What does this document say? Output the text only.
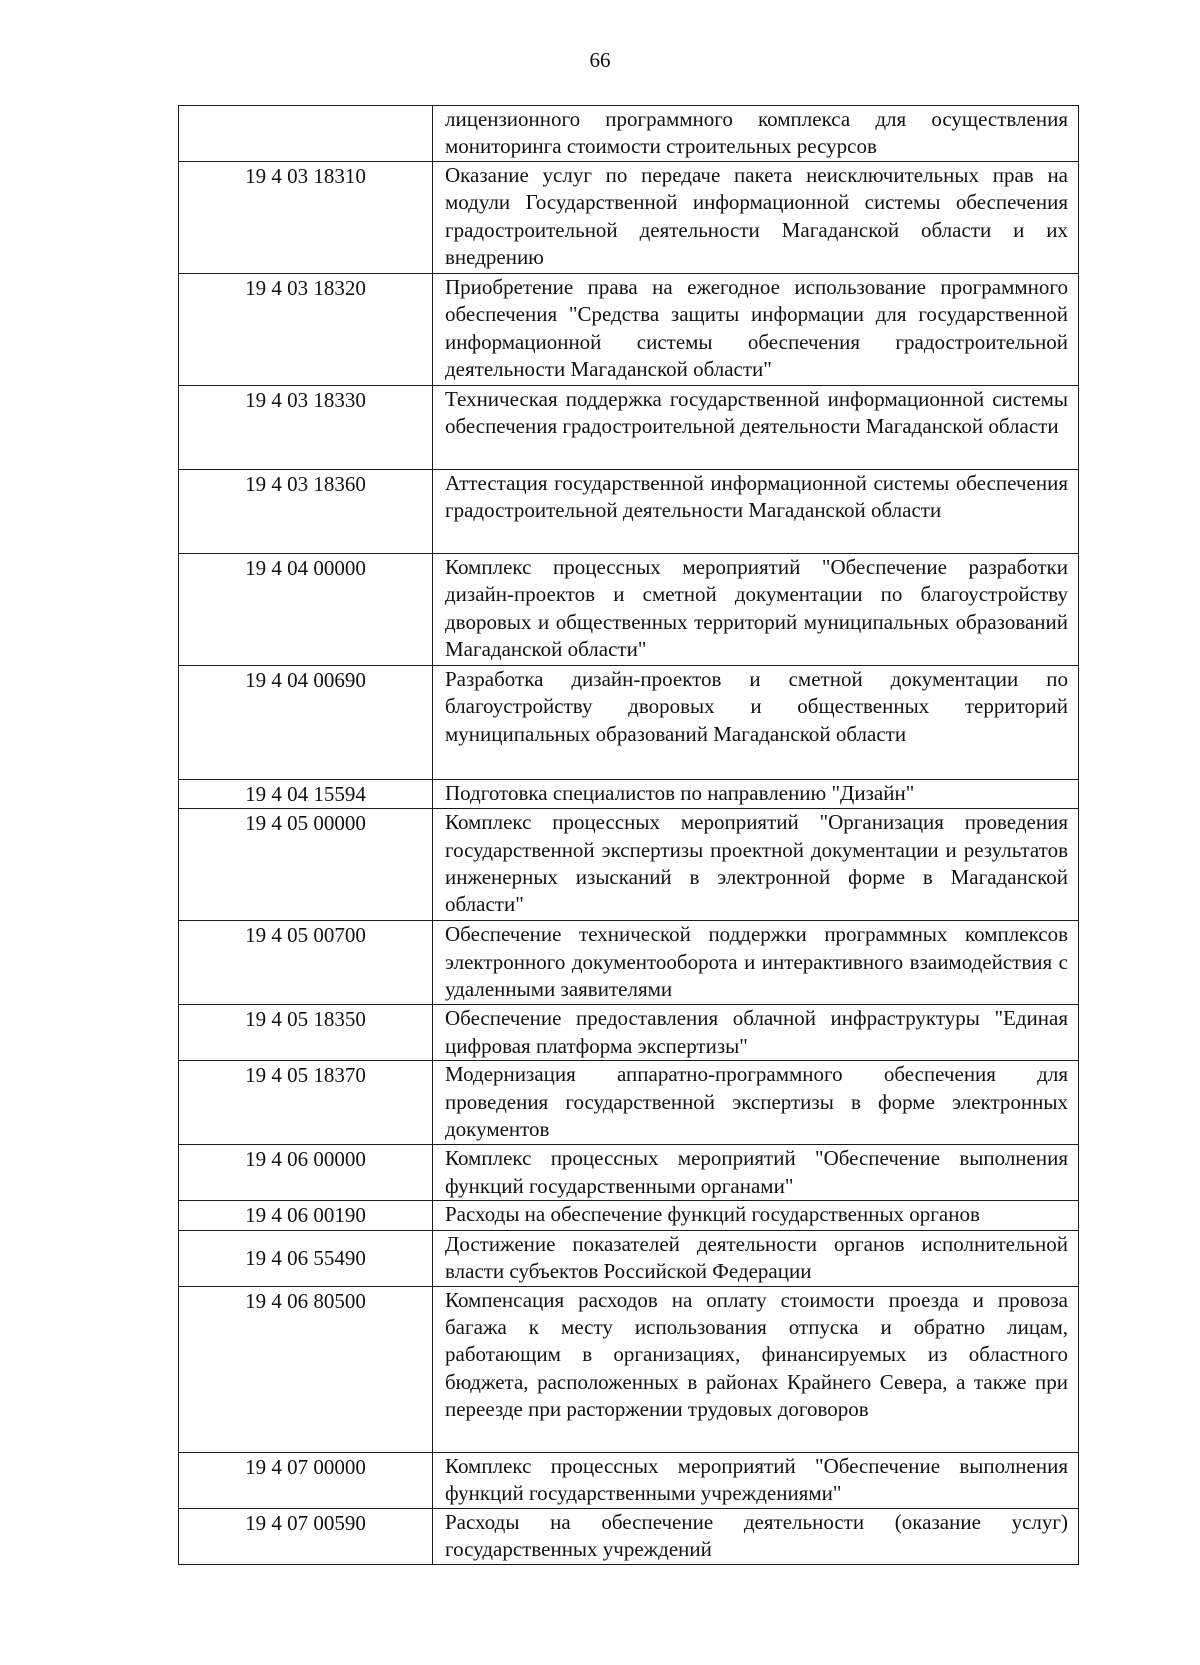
66
	лицензионного программного комплекса для осуществления мониторинга стоимости строительных ресурсов
19 4 03 18310	Оказание услуг по передаче пакета неисключительных прав на модули Государственной информационной системы обеспечения градостроительной деятельности Магаданской области и их внедрению
19 4 03 18320	Приобретение права на ежегодное использование программного обеспечения "Средства защиты информации для государственной информационной системы обеспечения градостроительной деятельности Магаданской области"
19 4 03 18330	Техническая поддержка государственной информационной системы обеспечения градостроительной деятельности Магаданской области
19 4 03 18360	Аттестация государственной информационной системы обеспечения градостроительной деятельности Магаданской области
19 4 04 00000	Комплекс процессных мероприятий "Обеспечение разработки дизайн-проектов и сметной документации по благоустройству дворовых и общественных территорий муниципальных образований Магаданской области"
19 4 04 00690	Разработка дизайн-проектов и сметной документации по благоустройству дворовых и общественных территорий муниципальных образований Магаданской области
19 4 04 15594	Подготовка специалистов по направлению "Дизайн"
19 4 05 00000	Комплекс процессных мероприятий "Организация проведения государственной экспертизы проектной документации и результатов инженерных изысканий в электронной форме в Магаданской области"
19 4 05 00700	Обеспечение технической поддержки программных комплексов электронного документооборота и интерактивного взаимодействия с удаленными заявителями
19 4 05 18350	Обеспечение предоставления облачной инфраструктуры "Единая цифровая платформа экспертизы"
19 4 05 18370	Модернизация аппаратно-программного обеспечения для проведения государственной экспертизы в форме электронных документов
19 4 06 00000	Комплекс процессных мероприятий "Обеспечение выполнения функций государственными органами"
19 4 06 00190	Расходы на обеспечение функций государственных органов
19 4 06 55490	Достижение показателей деятельности органов исполнительной власти субъектов Российской Федерации
19 4 06 80500	Компенсация расходов на оплату стоимости проезда и провоза багажа к месту использования отпуска и обратно лицам, работающим в организациях, финансируемых из областного бюджета, расположенных в районах Крайнего Севера, а также при переезде при расторжении трудовых договоров
19 4 07 00000	Комплекс процессных мероприятий "Обеспечение выполнения функций государственными учреждениями"
19 4 07 00590	Расходы на обеспечение деятельности (оказание услуг) государственных учреждений
